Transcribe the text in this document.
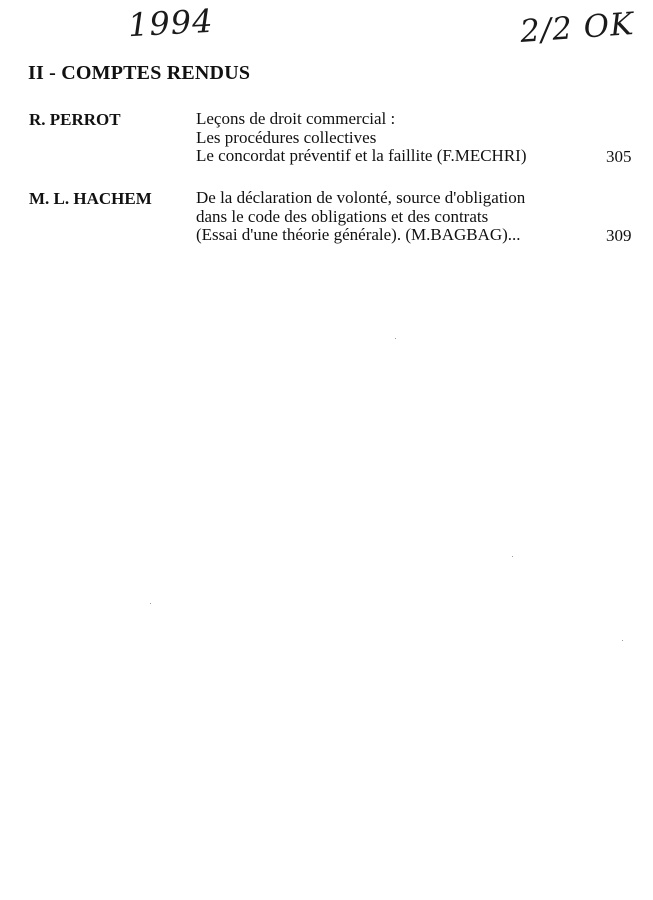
1994	2/2 OK
II - COMPTES RENDUS
R. PERROT	Leçons de droit commercial :
Les procédures collectives
Le concordat préventif et la faillite (F.MECHRI)	305
M. L. HACHEM	De la déclaration de volonté, source d'obligation
dans le code des obligations et des contrats
(Essai d'une théorie générale). (M.BAGBAG)...	309
